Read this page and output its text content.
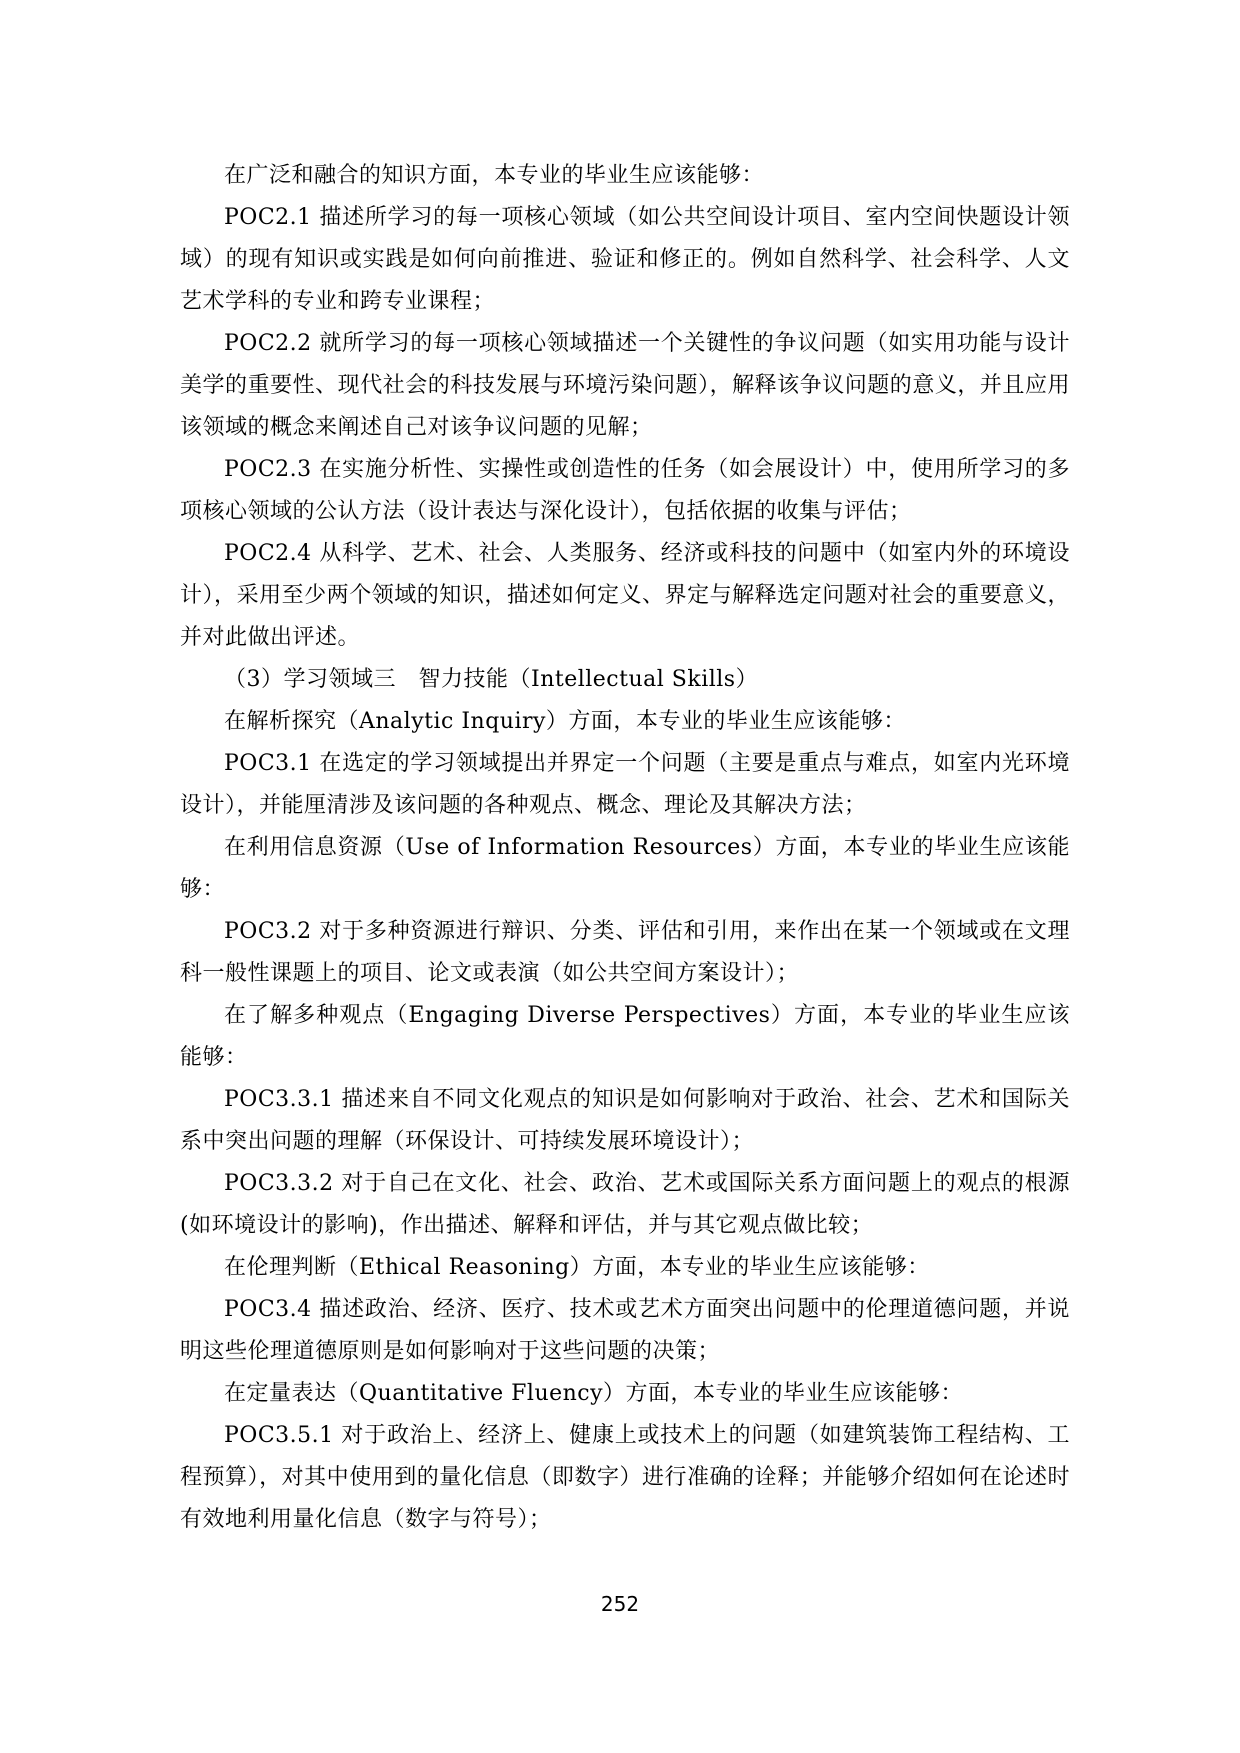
在广泛和融合的知识方面，本专业的毕业生应该能够：

POC2.1 描述所学习的每一项核心领域（如公共空间设计项目、室内空间快题设计领域）的现有知识或实践是如何向前推进、验证和修正的。例如自然科学、社会科学、人文艺术学科的专业和跨专业课程；

POC2.2 就所学习的每一项核心领域描述一个关键性的争议问题（如实用功能与设计美学的重要性、现代社会的科技发展与环境污染问题），解释该争议问题的意义，并且应用该领域的概念来阐述自己对该争议问题的见解；

POC2.3 在实施分析性、实操性或创造性的任务（如会展设计）中，使用所学习的多项核心领域的公认方法（设计表达与深化设计），包括依据的收集与评估；

POC2.4 从科学、艺术、社会、人类服务、经济或科技的问题中（如室内外的环境设计），采用至少两个领域的知识，描述如何定义、界定与解释选定问题对社会的重要意义，并对此做出评述。

（3）学习领域三　智力技能（Intellectual Skills）

在解析探究（Analytic Inquiry）方面，本专业的毕业生应该能够：

POC3.1 在选定的学习领域提出并界定一个问题（主要是重点与难点，如室内光环境设计），并能厘清涉及该问题的各种观点、概念、理论及其解决方法；

在利用信息资源（Use of Information Resources）方面，本专业的毕业生应该能够：

POC3.2 对于多种资源进行辩识、分类、评估和引用，来作出在某一个领域或在文理科一般性课题上的项目、论文或表演（如公共空间方案设计）；

在了解多种观点（Engaging Diverse Perspectives）方面，本专业的毕业生应该能够：

POC3.3.1 描述来自不同文化观点的知识是如何影响对于政治、社会、艺术和国际关系中突出问题的理解（环保设计、可持续发展环境设计）；

POC3.3.2 对于自己在文化、社会、政治、艺术或国际关系方面问题上的观点的根源(如环境设计的影响)，作出描述、解释和评估，并与其它观点做比较；

在伦理判断（Ethical Reasoning）方面，本专业的毕业生应该能够：

POC3.4 描述政治、经济、医疗、技术或艺术方面突出问题中的伦理道德问题，并说明这些伦理道德原则是如何影响对于这些问题的决策；

在定量表达（Quantitative Fluency）方面，本专业的毕业生应该能够：

POC3.5.1 对于政治上、经济上、健康上或技术上的问题（如建筑装饰工程结构、工程预算），对其中使用到的量化信息（即数字）进行准确的诠释；并能够介绍如何在论述时有效地利用量化信息（数字与符号）；

252
